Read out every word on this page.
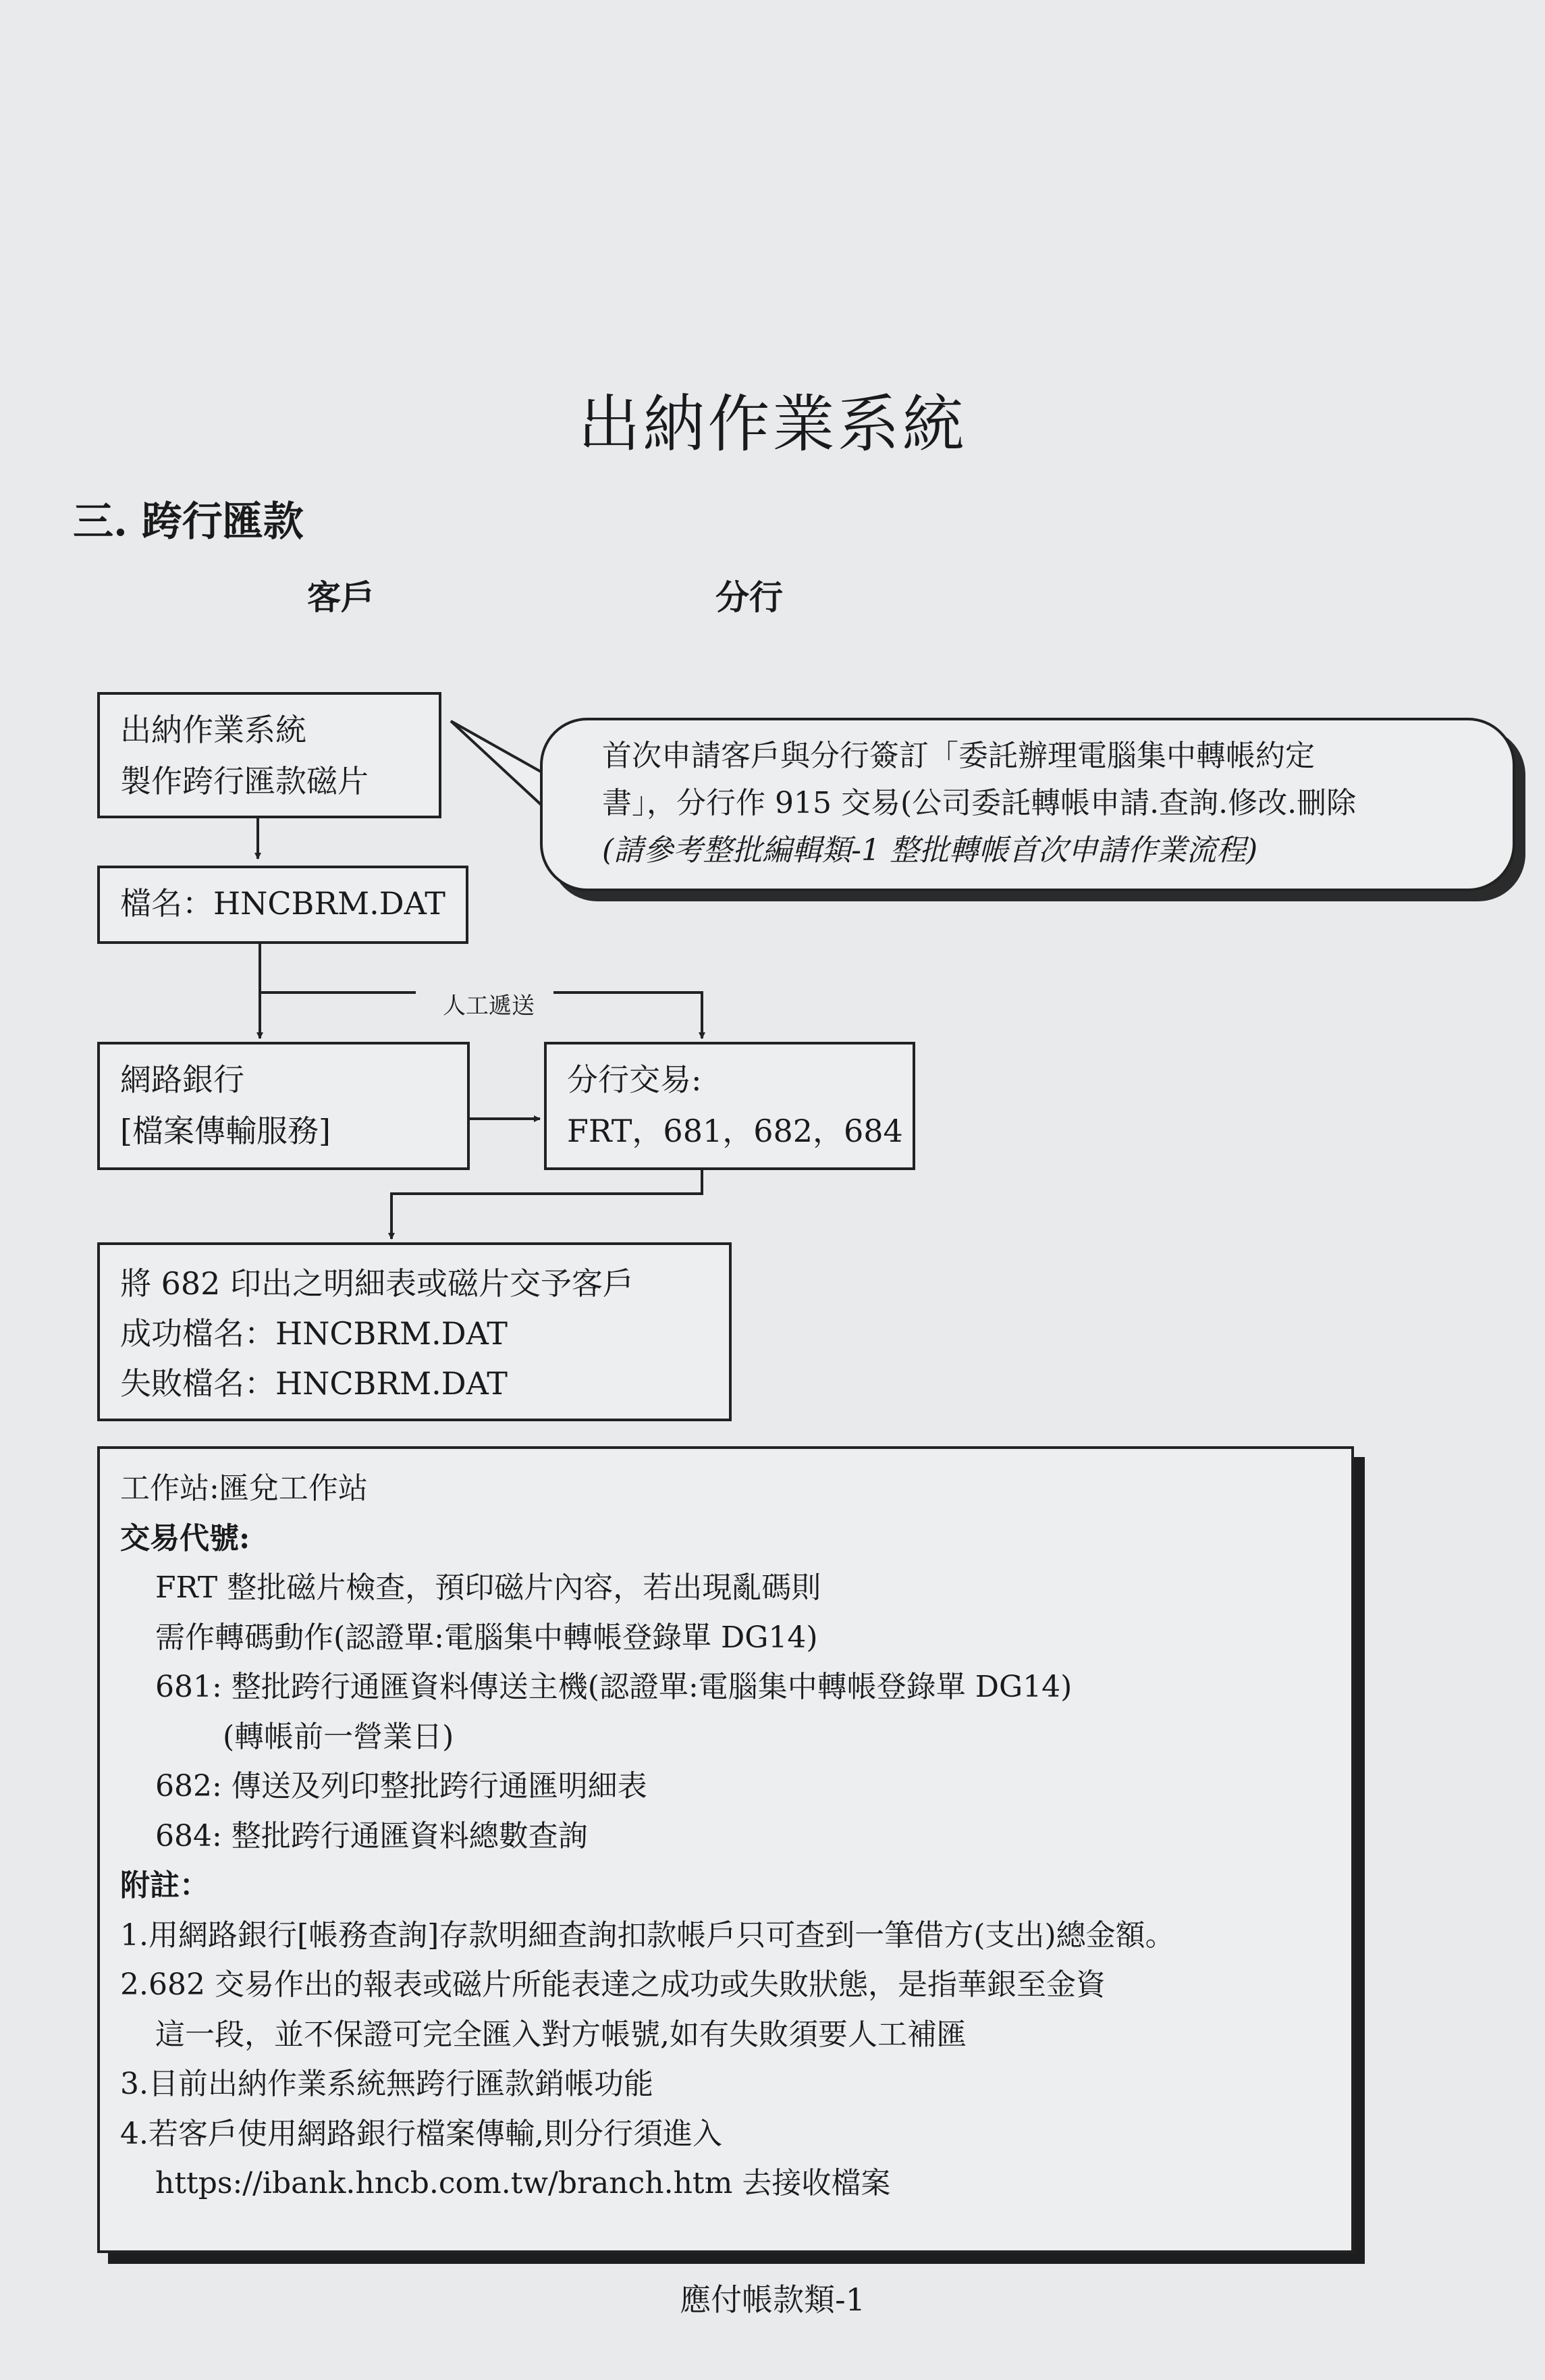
出納作業系統
三. 跨行匯款
客戶	分行

出納作業系統

製作跨行匯款磁片

檔名：HNCBRM.DAT

人工遞送

網路銀行

[檔案傳輸服務]

分行交易:

FRT，681，682，684

將 682 印出之明細表或磁片交予客戶

成功檔名：HNCBRM.DAT

失敗檔名：HNCBRM.DAT

首次申請客戶與分行簽訂「委託辦理電腦集中轉帳約定

書」，分行作 915 交易(公司委託轉帳申請.查詢.修改.刪除

(請參考整批編輯類-1 整批轉帳首次申請作業流程)

工作站:匯兌工作站

交易代號:

FRT 整批磁片檢查，預印磁片內容，若出現亂碼則

需作轉碼動作(認證單:電腦集中轉帳登錄單 DG14)

681: 整批跨行通匯資料傳送主機(認證單:電腦集中轉帳登錄單 DG14)

(轉帳前一營業日)

682: 傳送及列印整批跨行通匯明細表

684: 整批跨行通匯資料總數查詢

附註：

1.用網路銀行[帳務查詢]存款明細查詢扣款帳戶只可查到一筆借方(支出)總金額。

2.682 交易作出的報表或磁片所能表達之成功或失敗狀態，是指華銀至金資

這一段，並不保證可完全匯入對方帳號,如有失敗須要人工補匯

3.目前出納作業系統無跨行匯款銷帳功能

4.若客戶使用網路銀行檔案傳輸,則分行須進入

https://ibank.hncb.com.tw/branch.htm 去接收檔案

應付帳款類-1
